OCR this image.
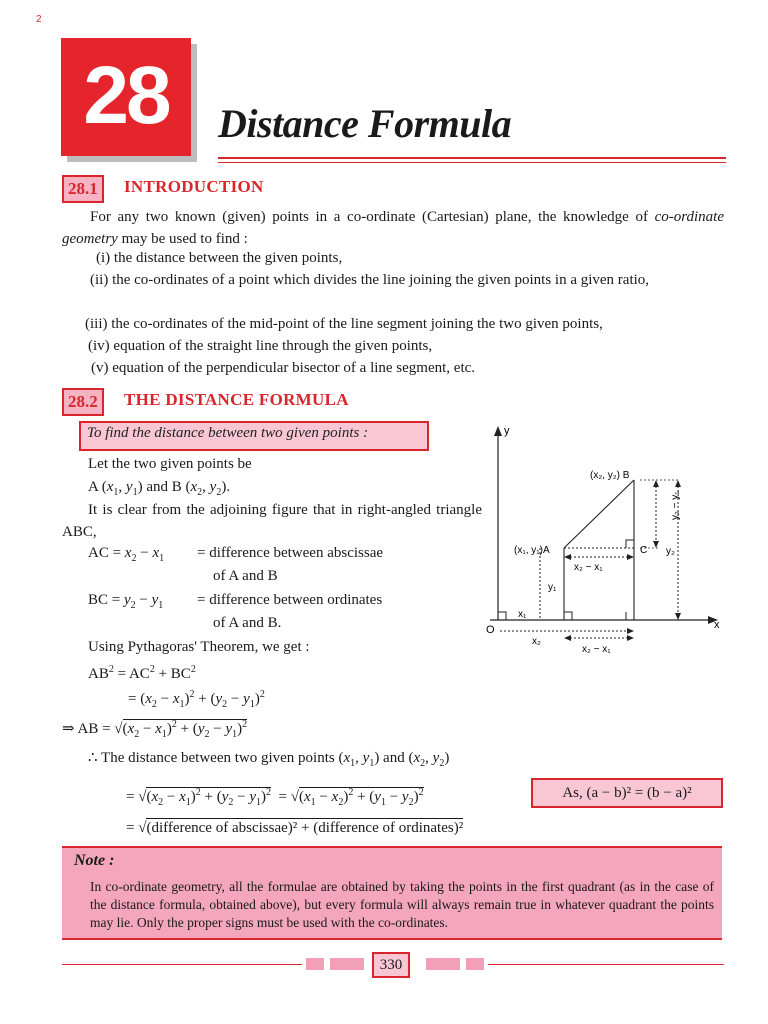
2
28	Distance Formula
28.1	INTRODUCTION
For any two known (given) points in a co-ordinate (Cartesian) plane, the knowledge of co-ordinate geometry may be used to find :
(i) the distance between the given points,
(ii) the co-ordinates of a point which divides the line joining the given points in a given ratio,
(iii) the co-ordinates of the mid-point of the line segment joining the two given points,
(iv) equation of the straight line through the given points,
(v) equation of the perpendicular bisector of a line segment, etc.
28.2	THE DISTANCE FORMULA
To find the distance between two given points :
Let the two given points be
A ($x_1$, $y_1$) and B ($x_2$, $y_2$).
It is clear from the adjoining figure that in right-angled triangle ABC,
AC = $x_2 - x_1$ = difference between abscissae
of A and B
BC = $y_2 - y_1$ = difference between ordinates
of A and B.
Using Pythagoras' Theorem, we get :
$AB^2 = AC^2 + BC^2$
= $(x_2 - x_1)^2 + (y_2 - y_1)^2$
⇒ AB = $√(x_2 - x_1)^2 + (y_2 - y_1)^2$
∴ The distance between two given points ($x_1$, $y_1$) and ($x_2$, $y_2$)
= $√(x_2 - x_1)^2 + (y_2 - y_1)^2 = √(x_1 - x_2)^2 + (y_1 - y_2)^2$	As, (a − b)² = (b − a)²
= √(difference of abscissae)² + (difference of ordinates)²
y
x
O
(x₂, y₂) B
(x₁, y₁)A	C
x₂ − x₁
y₁
y₂
x₁
x₂
x₂ − x₁
y₂ − y₁
Note :
In co-ordinate geometry, all the formulae are obtained by taking the points in the first quadrant (as in the case of the distance formula, obtained above), but every formula will always remain true in whatever quadrant the points may lie. Only the proper signs must be used with the co-ordinates.
330
